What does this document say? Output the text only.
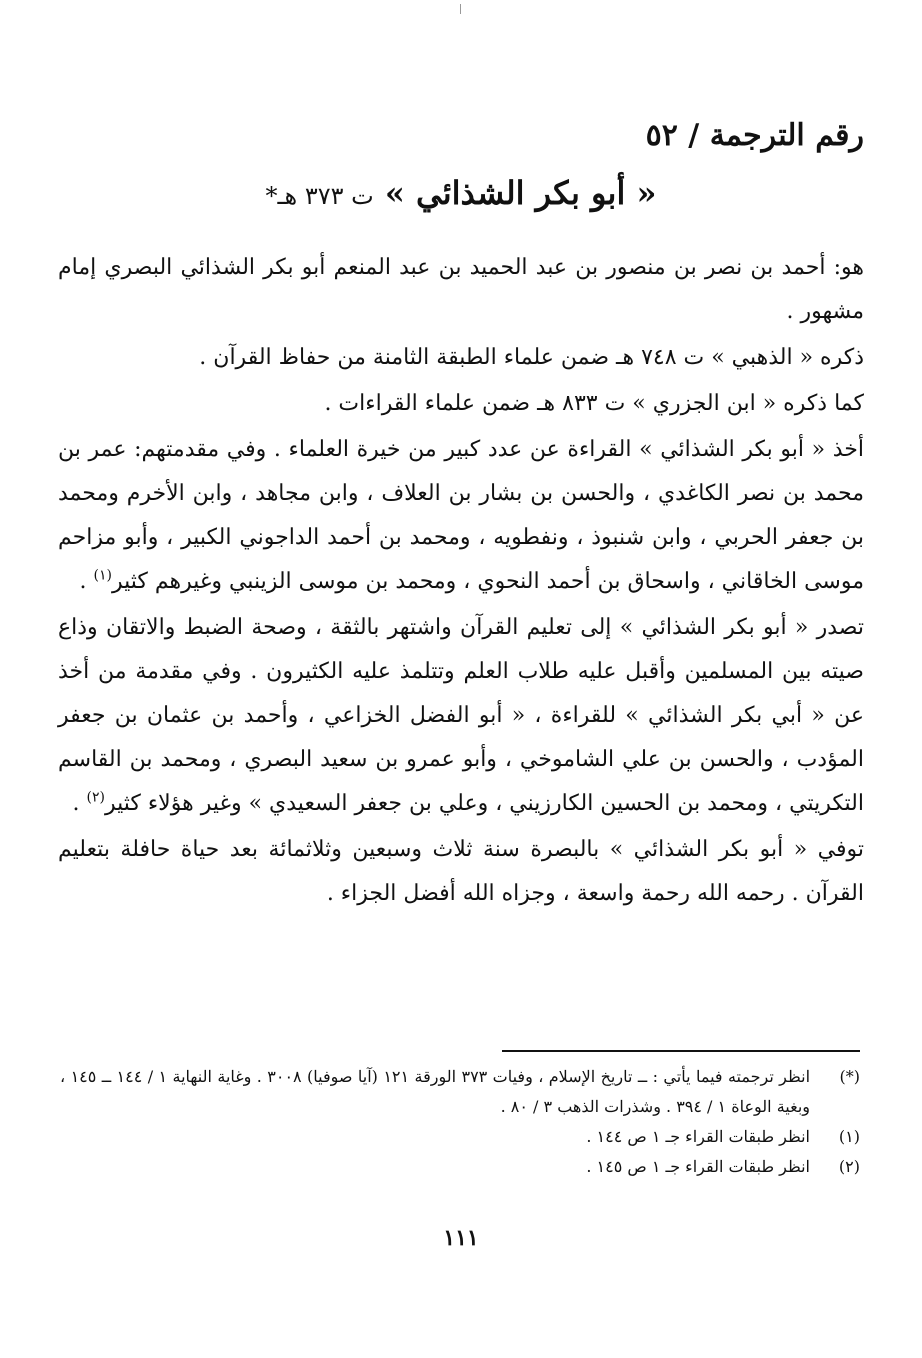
رقم الترجمة / ٥٢
« أبو بكر الشذائي » ت ٣٧٣ هـ*

هو: أحمد بن نصر بن منصور بن عبد الحميد بن عبد المنعم أبو بكر الشذائي البصري إمام مشهور .

ذكره « الذهبي » ت ٧٤٨ هـ ضمن علماء الطبقة الثامنة من حفاظ القرآن .

كما ذكره « ابن الجزري » ت ٨٣٣ هـ ضمن علماء القراءات .

أخذ « أبو بكر الشذائي » القراءة عن عدد كبير من خيرة العلماء . وفي مقدمتهم: عمر بن محمد بن نصر الكاغدي ، والحسن بن بشار بن العلاف ، وابن مجاهد ، وابن الأخرم ومحمد بن جعفر الحربي ، وابن شنبوذ ، ونفطويه ، ومحمد بن أحمد الداجوني الكبير ، وأبو مزاحم موسى الخاقاني ، واسحاق بن أحمد النحوي ، ومحمد بن موسى الزينبي وغيرهم كثير$^{(١)}$ .

تصدر « أبو بكر الشذائي » إلى تعليم القرآن واشتهر بالثقة ، وصحة الضبط والاتقان وذاع صيته بين المسلمين وأقبل عليه طلاب العلم وتتلمذ عليه الكثيرون . وفي مقدمة من أخذ عن « أبي بكر الشذائي » للقراءة ، « أبو الفضل الخزاعي ، وأحمد بن عثمان بن جعفر المؤدب ، والحسن بن علي الشاموخي ، وأبو عمرو بن سعيد البصري ، ومحمد بن القاسم التكريتي ، ومحمد بن الحسين الكارزيني ، وعلي بن جعفر السعيدي » وغير هؤلاء كثير$^{(٢)}$ .

توفي « أبو بكر الشذائي » بالبصرة سنة ثلاث وسبعين وثلاثمائة بعد حياة حافلة بتعليم القرآن . رحمه الله رحمة واسعة ، وجزاه الله أفضل الجزاء .

(*)
انظر ترجمته فيما يأتي : ــ تاريخ الإسلام ، وفيات ٣٧٣ الورقة ١٢١ (آيا صوفيا) ٣٠٠٨ . وغاية النهاية ١ / ١٤٤ ــ ١٤٥ ، وبغية الوعاة ١ / ٣٩٤ . وشذرات الذهب ٣ / ٨٠ .
(١)
انظر طبقات القراء جـ ١ ص ١٤٤ .
(٢)
انظر طبقات القراء جـ ١ ص ١٤٥ .
١١١
